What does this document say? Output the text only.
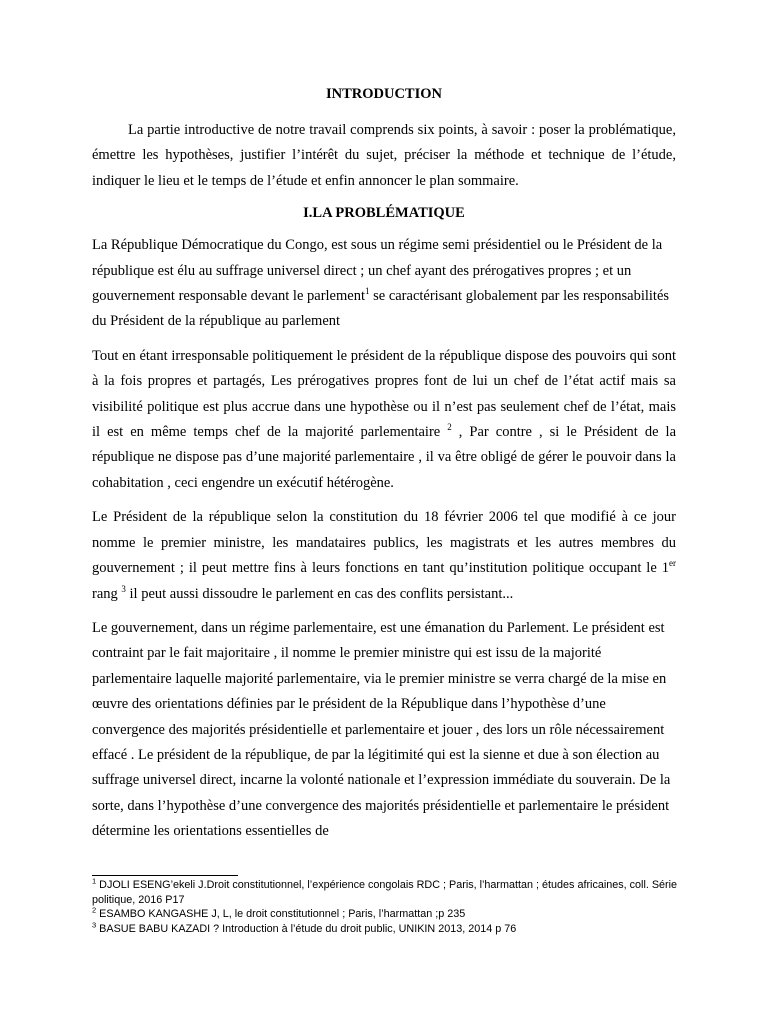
INTRODUCTION

La partie introductive de notre travail comprends six points, à savoir : poser la problématique, émettre les hypothèses, justifier l’intérêt du sujet, préciser la méthode et technique de l’étude, indiquer le lieu et le temps de l’étude et enfin annoncer le plan sommaire.

I.LA PROBLÉMATIQUE

La République Démocratique du Congo, est sous un régime semi présidentiel ou le Président de la république est élu au suffrage universel direct ; un chef ayant des prérogatives propres ; et un gouvernement responsable devant le parlement$^1$ se caractérisant globalement par les responsabilités du Président de la république au parlement

Tout en étant irresponsable politiquement le président de la république dispose des pouvoirs qui sont à la fois propres et partagés, Les prérogatives propres font de lui un chef de l’état actif mais sa visibilité politique est plus accrue dans une hypothèse ou il n’est pas seulement chef de l’état, mais il est en même temps chef de la majorité parlementaire $^2$ , Par contre , si le Président de la république ne dispose pas d’une majorité parlementaire , il va être obligé de gérer le pouvoir dans la cohabitation , ceci engendre un exécutif hétérogène.

Le Président de la république selon la constitution du 18 février 2006 tel que modifié à ce jour nomme le premier ministre, les mandataires publics, les magistrats et les autres membres du gouvernement ; il peut mettre fins à leurs fonctions en tant qu’institution politique occupant le 1er rang $^3$ il peut aussi dissoudre le parlement en cas des conflits persistant...

Le gouvernement, dans un régime parlementaire, est une émanation du Parlement. Le président est contraint par le fait majoritaire , il nomme le premier ministre qui est issu de la majorité parlementaire laquelle majorité parlementaire, via le premier ministre se verra chargé de la mise en œuvre des orientations définies par le président de la République dans l’hypothèse d’une convergence des majorités présidentielle et parlementaire et jouer , des lors un rôle nécessairement effacé . Le président de la république, de par la légitimité qui est la sienne et due à son élection au suffrage universel direct, incarne la volonté nationale et l’expression immédiate du souverain. De la sorte, dans l’hypothèse d’une convergence des majorités présidentielle et parlementaire le président détermine les orientations essentielles de

$^1$ DJOLI ESENG’ekeli J.Droit constitutionnel, l’expérience congolais RDC ; Paris, l’harmattan ; études africaines, coll. Série politique, 2016 P17

$^2$ ESAMBO KANGASHE J, L, le droit constitutionnel ; Paris, l’harmattan ;p 235

$^3$ BASUE BABU KAZADI ? Introduction à l’étude du droit public, UNIKIN 2013, 2014 p 76
